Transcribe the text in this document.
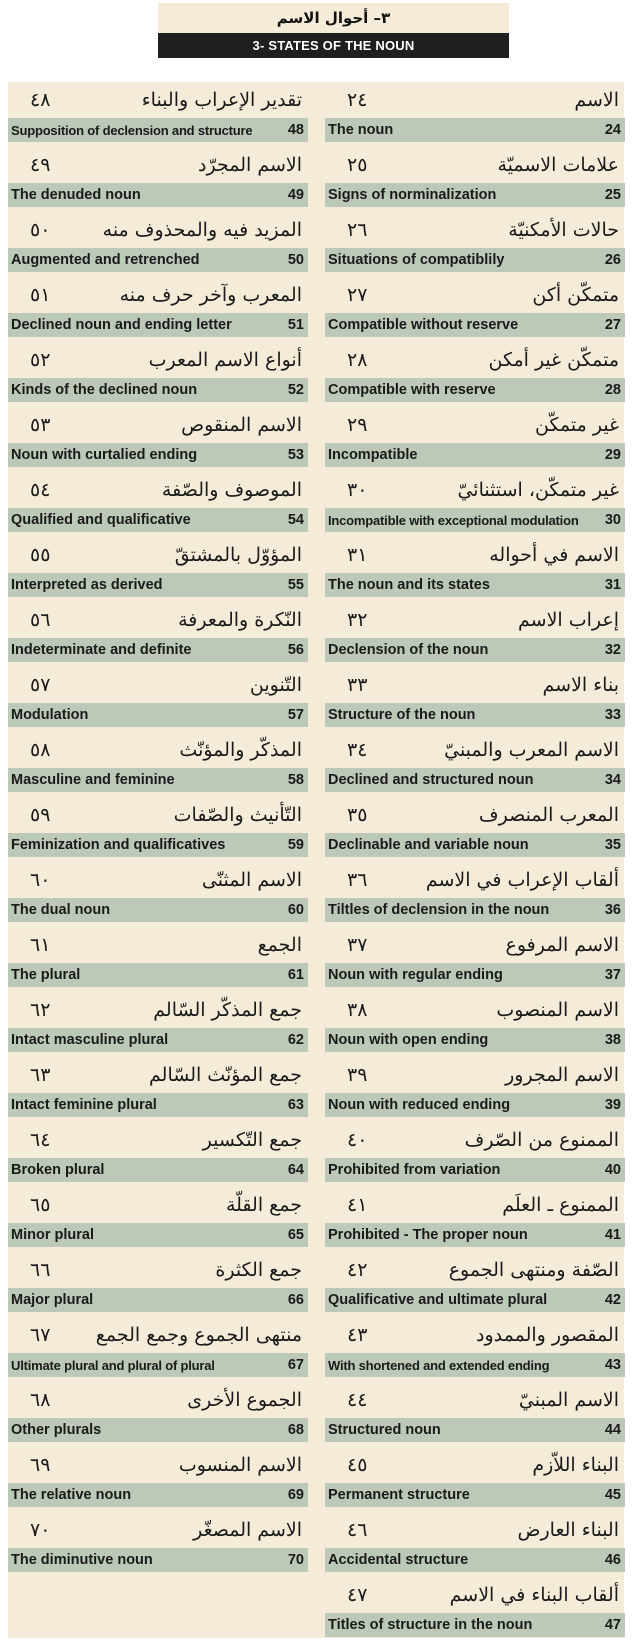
٣– أحوال الاسم
3- STATES OF THE NOUN
٤٨	تقدير الإعراب والبناء
Supposition of declension and structure 48
٤٩	الاسم المجرّد
The denuded noun	49
٥٠	المزيد فيه والمحذوف منه
Augmented and retrenched	50
٥١	المعرب وآخر حرف منه
Declined noun and ending letter	51
٥٢	أنواع الاسم المعرب
Kinds of the declined noun	52
٥٣	الاسم المنقوص
Noun with curtalied ending	53
٥٤	الموصوف والصّفة
Qualified and qualificative	54
٥٥	المؤوّل بالمشتقّ
Interpreted as derived	55
٥٦	النّكرة والمعرفة
Indeterminate and definite	56
٥٧	التّنوين
Modulation	57
٥٨	المذكّر والمؤنّث
Masculine and feminine	58
٥٩	التّأنيث والصّفات
Feminization and qualificatives	59
٦٠	الاسم المثنّى
The dual noun	60
٦١	الجمع
The plural	61
٦٢	جمع المذكّر السّالم
Intact masculine plural	62
٦٣	جمع المؤنّث السّالم
Intact feminine plural	63
٦٤	جمع التّكسير
Broken plural	64
٦٥	جمع القلّة
Minor plural	65
٦٦	جمع الكثرة
Major plural	66
٦٧ منتهى الجموع وجمع الجمع
Ultimate plural and plural of plural	67
٦٨	الجموع الأخرى
Other plurals	68
٦٩	الاسم المنسوب
The relative noun	69
٧٠	الاسم المصغّر
The diminutive noun	70
٢٤	الاسم
The noun	24
٢٥	علامات الاسميّة
Signs of norminalization	25
٢٦	حالات الأمكنيّة
Situations of compatiblily	26
٢٧	متمكّن أكن
Compatible without reserve	27
٢٨	متمكّن غير أمكن
Compatible with reserve	28
٢٩	غير متمكّن
Incompatible	29
٣٠	غير متمكّن، استثنائيّ
Incompatible with exceptional modulation 30
٣١	الاسم في أحواله
The noun and its states	31
٣٢	إعراب الاسم
Declension of the noun	32
٣٣	بناء الاسم
Structure of the noun	33
٣٤	الاسم المعرب والمبنيّ
Declined and structured noun	34
٣٥	المعرب المنصرف
Declinable and variable noun	35
٣٦	ألقاب الإعراب في الاسم
Tiltles of declension in the noun	36
٣٧	الاسم المرفوع
Noun with regular ending	37
٣٨	الاسم المنصوب
Noun with open ending	38
٣٩	الاسم المجرور
Noun with reduced ending	39
٤٠	الممنوع من الصّرف
Prohibited from variation	40
٤١	الممنوع ـ العلَم
Prohibited - The proper noun	41
٤٢	الصّفة ومنتهى الجموع
Qualificative and ultimate plural	42
٤٣	المقصور والممدود
With shortened and extended ending	43
٤٤	الاسم المبنيّ
Structured noun	44
٤٥	البناء اللاّزم
Permanent structure	45
٤٦	البناء العارض
Accidental structure	46
٤٧	ألقاب البناء في الاسم
Titles of structure in the noun	47
